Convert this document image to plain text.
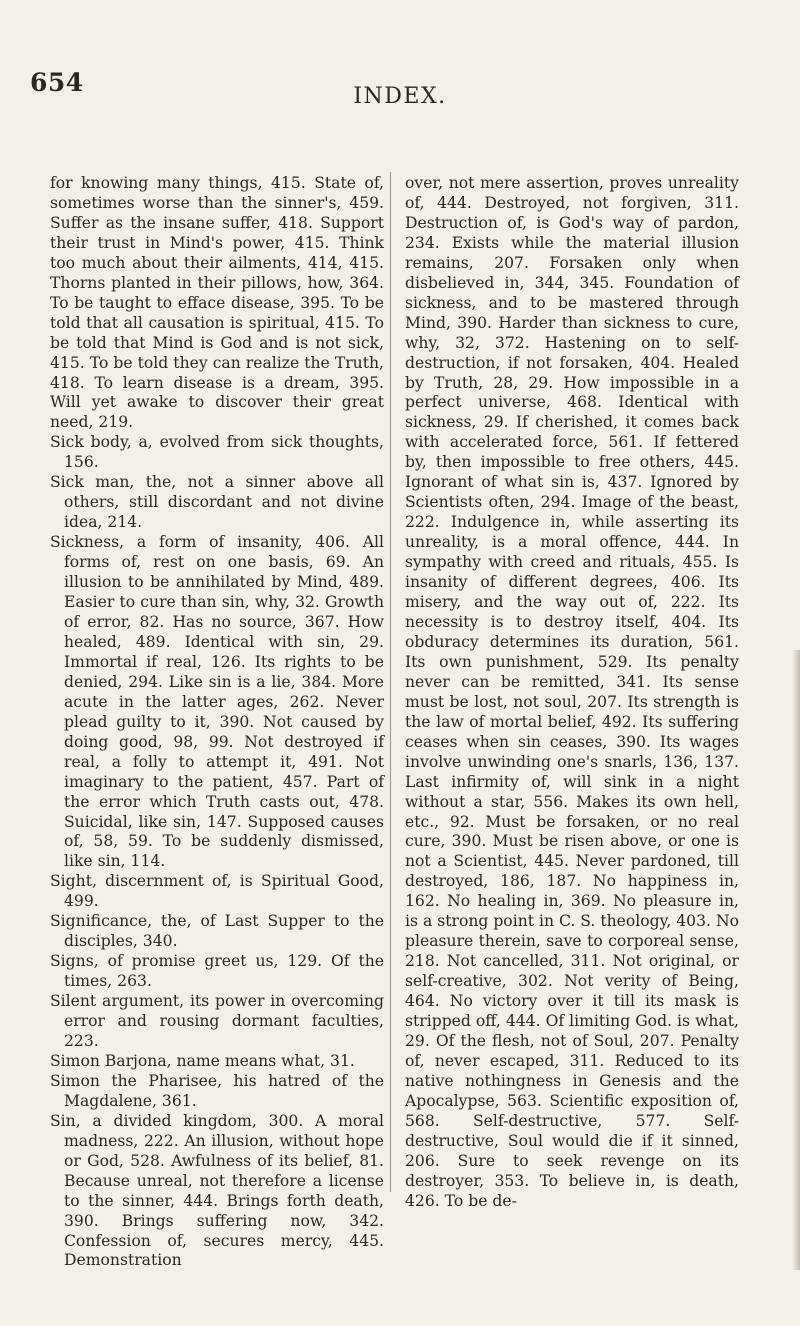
654	INDEX.

for knowing many things, 415. State of, sometimes worse than the sinner's, 459. Suffer as the insane suffer, 418. Support their trust in Mind's power, 415. Think too much about their ailments, 414, 415. Thorns planted in their pillows, how, 364. To be taught to efface disease, 395. To be told that all causation is spiritual, 415. To be told that Mind is God and is not sick, 415. To be told they can realize the Truth, 418. To learn disease is a dream, 395. Will yet awake to discover their great need, 219.

Sick body, a, evolved from sick thoughts, 156.

Sick man, the, not a sinner above all others, still discordant and not divine idea, 214.

Sickness, a form of insanity, 406. All forms of, rest on one basis, 69. An illusion to be annihilated by Mind, 489. Easier to cure than sin, why, 32. Growth of error, 82. Has no source, 367. How healed, 489. Identical with sin, 29. Immortal if real, 126. Its rights to be denied, 294. Like sin is a lie, 384. More acute in the latter ages, 262. Never plead guilty to it, 390. Not caused by doing good, 98, 99. Not destroyed if real, a folly to attempt it, 491. Not imaginary to the patient, 457. Part of the error which Truth casts out, 478. Suicidal, like sin, 147. Supposed causes of, 58, 59. To be suddenly dismissed, like sin, 114.

Sight, discernment of, is Spiritual Good, 499.

Significance, the, of Last Supper to the disciples, 340.

Signs, of promise greet us, 129. Of the times, 263.

Silent argument, its power in overcoming error and rousing dormant faculties, 223.

Simon Barjona, name means what, 31.

Simon the Pharisee, his hatred of the Magdalene, 361.

Sin, a divided kingdom, 300. A moral madness, 222. An illusion, without hope or God, 528. Awfulness of its belief, 81. Because unreal, not therefore a license to the sinner, 444. Brings forth death, 390. Brings suffering now, 342. Confession of, secures mercy, 445. Demonstration

over, not mere assertion, proves unreality of, 444. Destroyed, not forgiven, 311. Destruction of, is God's way of pardon, 234. Exists while the material illusion remains, 207. Forsaken only when disbelieved in, 344, 345. Foundation of sickness, and to be mastered through Mind, 390. Harder than sickness to cure, why, 32, 372. Hastening on to self-destruction, if not forsaken, 404. Healed by Truth, 28, 29. How impossible in a perfect universe, 468. Identical with sickness, 29. If cherished, it comes back with accelerated force, 561. If fettered by, then impossible to free others, 445. Ignorant of what sin is, 437. Ignored by Scientists often, 294. Image of the beast, 222. Indulgence in, while asserting its unreality, is a moral offence, 444. In sympathy with creed and rituals, 455. Is insanity of different degrees, 406. Its misery, and the way out of, 222. Its necessity is to destroy itself, 404. Its obduracy determines its duration, 561. Its own punishment, 529. Its penalty never can be remitted, 341. Its sense must be lost, not soul, 207. Its strength is the law of mortal belief, 492. Its suffering ceases when sin ceases, 390. Its wages involve unwinding one's snarls, 136, 137. Last infirmity of, will sink in a night without a star, 556. Makes its own hell, etc., 92. Must be forsaken, or no real cure, 390. Must be risen above, or one is not a Scientist, 445. Never pardoned, till destroyed, 186, 187. No happiness in, 162. No healing in, 369. No pleasure in, is a strong point in C. S. theology, 403. No pleasure therein, save to corporeal sense, 218. Not cancelled, 311. Not original, or self-creative, 302. Not verity of Being, 464. No victory over it till its mask is stripped off, 444. Of limiting God. is what, 29. Of the flesh, not of Soul, 207. Penalty of, never escaped, 311. Reduced to its native nothingness in Genesis and the Apocalypse, 563. Scientific exposition of, 568. Self-destructive, 577. Self-destructive, Soul would die if it sinned, 206. Sure to seek revenge on its destroyer, 353. To believe in, is death, 426. To be de-
